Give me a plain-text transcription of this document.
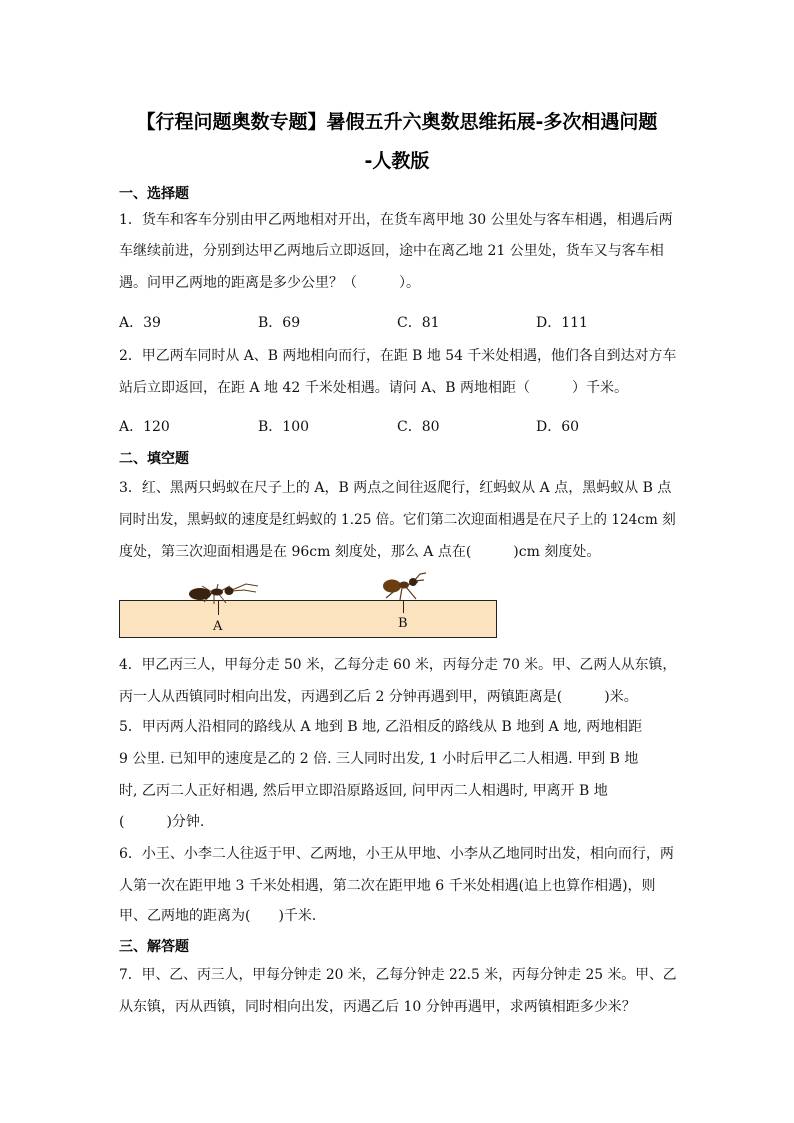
【行程问题奥数专题】暑假五升六奥数思维拓展-多次相遇问题
-人教版
一、选择题
1．货车和客车分别由甲乙两地相对开出，在货车离甲地 30 公里处与客车相遇，相遇后两
车继续前进，分别到达甲乙两地后立即返回，途中在离乙地 21 公里处，货车又与客车相
遇。问甲乙两地的距离是多少公里？（　　　）。
A．39	B．69	C．81	D．111
2．甲乙两车同时从 A、B 两地相向而行，在距 B 地 54 千米处相遇，他们各自到达对方车
站后立即返回，在距 A 地 42 千米处相遇。请问 A、B 两地相距（　　　）千米。
A．120	B．100	C．80	D．60
二、填空题
3．红、黑两只蚂蚁在尺子上的 A，B 两点之间往返爬行，红蚂蚁从 A 点，黑蚂蚁从 B 点
同时出发，黑蚂蚁的速度是红蚂蚁的 1.25 倍。它们第二次迎面相遇是在尺子上的 124cm 刻
度处，第三次迎面相遇是在 96cm 刻度处，那么 A 点在(　　　)cm 刻度处。
A	B
4．甲乙丙三人，甲每分走 50 米，乙每分走 60 米，丙每分走 70 米。甲、乙两人从东镇，
丙一人从西镇同时相向出发，丙遇到乙后 2 分钟再遇到甲，两镇距离是(　　　)米。
5．甲丙两人沿相同的路线从 A 地到 B 地, 乙沿相反的路线从 B 地到 A 地, 两地相距
9 公里. 已知甲的速度是乙的 2 倍. 三人同时出发, 1 小时后甲乙二人相遇. 甲到 B 地
时, 乙丙二人正好相遇, 然后甲立即沿原路返回, 问甲丙二人相遇时, 甲离开 B 地
(　　　)分钟.
6．小王、小李二人往返于甲、乙两地，小王从甲地、小李从乙地同时出发，相向而行，两
人第一次在距甲地 3 千米处相遇，第二次在距甲地 6 千米处相遇(追上也算作相遇)，则
甲、乙两地的距离为(　　)千米．
三、解答题
7．甲、乙、丙三人，甲每分钟走 20 米，乙每分钟走 22.5 米，丙每分钟走 25 米。甲、乙
从东镇，丙从西镇，同时相向出发，丙遇乙后 10 分钟再遇甲，求两镇相距多少米？
